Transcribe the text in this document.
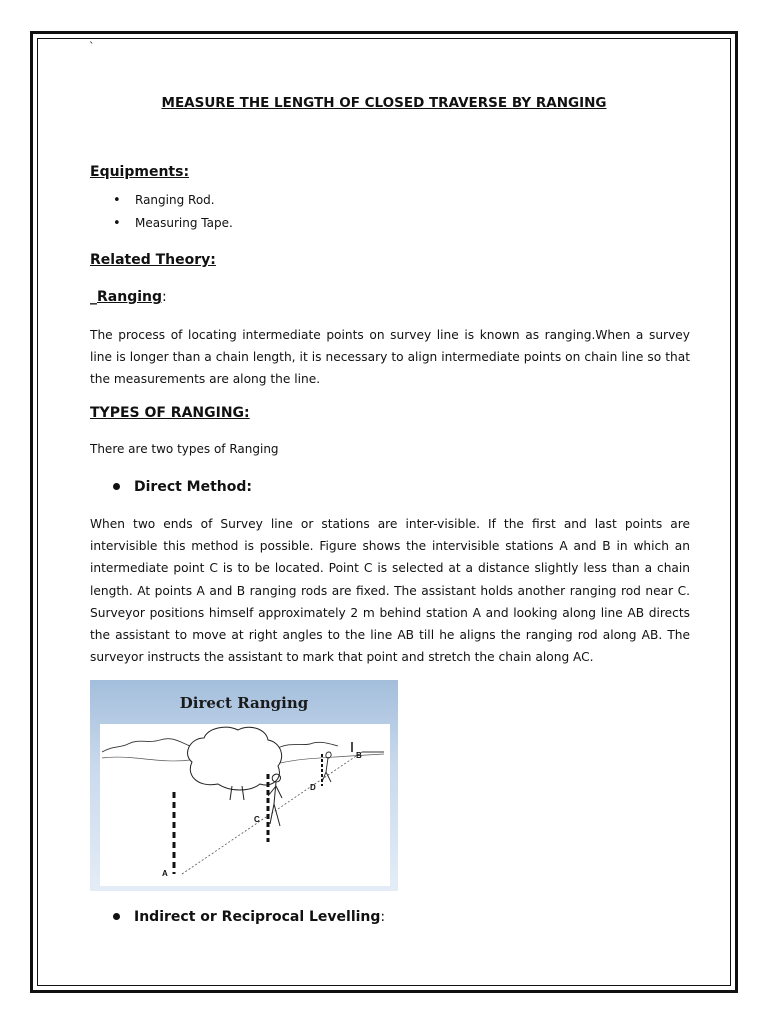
`
MEASURE THE LENGTH OF CLOSED TRAVERSE BY RANGING
Equipments:
• Ranging Rod.
• Measuring Tape.
Related Theory:
_Ranging:
The process of locating intermediate points on survey line is known as ranging.When a survey line is longer than a chain length, it is necessary to align intermediate points on chain line so that the measurements are along the line.
TYPES OF RANGING:
There are two types of Ranging
Direct Method:
When two ends of Survey line or stations are inter-visible. If the first and last points are intervisible this method is possible. Figure shows the intervisible stations A and B in which an intermediate point C is to be located. Point C is selected at a distance slightly less than a chain length. At points A and B ranging rods are fixed. The assistant holds another ranging rod near C. Surveyor positions himself approximately 2 m behind station A and looking along line AB directs the assistant to move at right angles to the line AB till he aligns the ranging rod along AB. The surveyor instructs the assistant to mark that point and stretch the chain along AC.
Direct Ranging
A
B
C
D
Indirect or Reciprocal Levelling:
